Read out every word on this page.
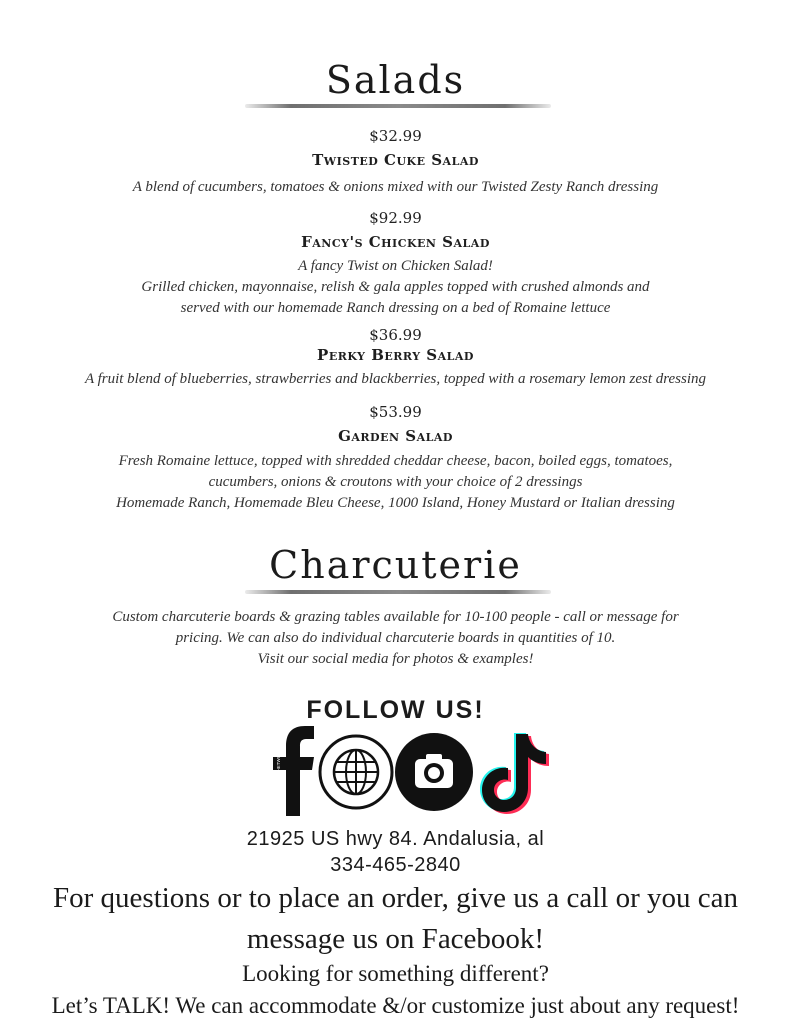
Salads
$32.99
Twisted Cuke Salad
A blend of cucumbers, tomatoes & onions mixed with our Twisted Zesty Ranch dressing
$92.99
Fancy's Chicken Salad
A fancy Twist on Chicken Salad!
Grilled chicken, mayonnaise, relish & gala apples topped with crushed almonds and
served with our homemade Ranch dressing on a bed of Romaine lettuce
$36.99
Perky Berry Salad
A fruit blend of blueberries, strawberries and blackberries, topped with a rosemary lemon zest dressing
$53.99
Garden Salad
Fresh Romaine lettuce, topped with shredded cheddar cheese, bacon, boiled eggs, tomatoes,
cucumbers, onions & croutons with your choice of 2 dressings
Homemade Ranch, Homemade Bleu Cheese, 1000 Island, Honey Mustard or Italian dressing
Charcuterie
Custom charcuterie boards & grazing tables available for 10-100 people - call or message for
pricing. We can also do individual charcuterie boards in quantities of 10.
Visit our social media for photos & examples!
FOLLOW US!
FACEBOOK.COM/THETWISTEDTURNIP
21925 US hwy 84. Andalusia, al
334-465-2840
For questions or to place an order, give us a call or you can
message us on Facebook!
Looking for something different?
Let’s TALK! We can accommodate &/or customize just about any request!
